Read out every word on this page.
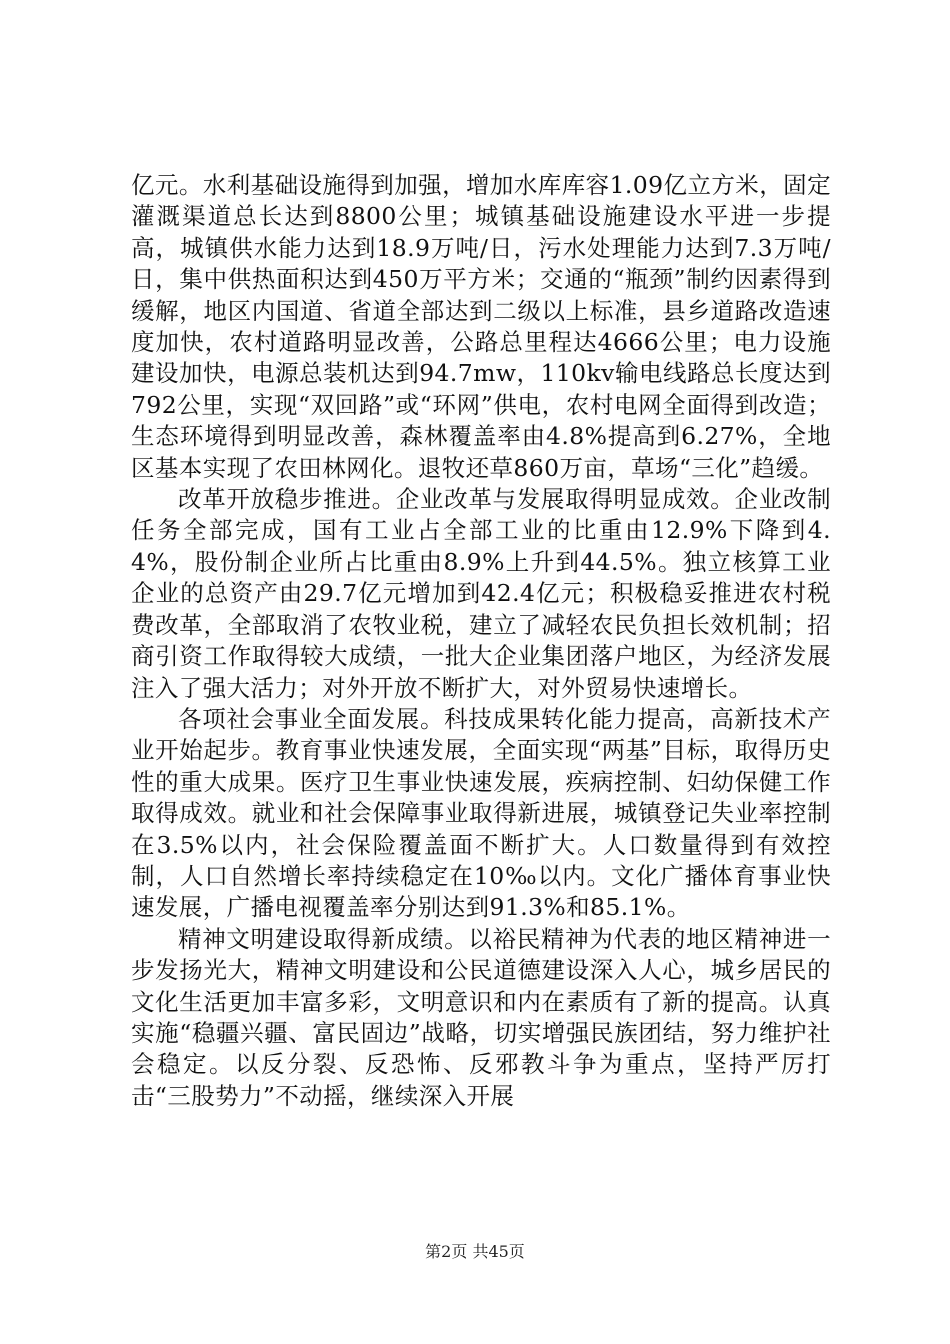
亿元。水利基础设施得到加强，增加水库库容1.09亿立方米，固定灌溉渠道总长达到8800公里；城镇基础设施建设水平进一步提高，城镇供水能力达到18.9万吨/日，污水处理能力达到7.3万吨/日，集中供热面积达到450万平方米；交通的“瓶颈”制约因素得到缓解，地区内国道、省道全部达到二级以上标准，县乡道路改造速度加快，农村道路明显改善，公路总里程达4666公里；电力设施建设加快，电源总装机达到94.7mw，110kv输电线路总长度达到792公里，实现“双回路”或“环网”供电，农村电网全面得到改造；生态环境得到明显改善，森林覆盖率由4.8%提高到6.27%，全地区基本实现了农田林网化。退牧还草860万亩，草场“三化”趋缓。

改革开放稳步推进。企业改革与发展取得明显成效。企业改制任务全部完成，国有工业占全部工业的比重由12.9%下降到4.4%，股份制企业所占比重由8.9%上升到44.5%。独立核算工业企业的总资产由29.7亿元增加到42.4亿元；积极稳妥推进农村税费改革，全部取消了农牧业税，建立了减轻农民负担长效机制；招商引资工作取得较大成绩，一批大企业集团落户地区，为经济发展注入了强大活力；对外开放不断扩大，对外贸易快速增长。

各项社会事业全面发展。科技成果转化能力提高，高新技术产业开始起步。教育事业快速发展，全面实现“两基”目标，取得历史性的重大成果。医疗卫生事业快速发展，疾病控制、妇幼保健工作取得成效。就业和社会保障事业取得新进展，城镇登记失业率控制在3.5%以内，社会保险覆盖面不断扩大。人口数量得到有效控制，人口自然增长率持续稳定在10‰以内。文化广播体育事业快速发展，广播电视覆盖率分别达到91.3%和85.1%。

精神文明建设取得新成绩。以裕民精神为代表的地区精神进一步发扬光大，精神文明建设和公民道德建设深入人心，城乡居民的文化生活更加丰富多彩，文明意识和内在素质有了新的提高。认真实施“稳疆兴疆、富民固边”战略，切实增强民族团结，努力维护社会稳定。以反分裂、反恐怖、反邪教斗争为重点，坚持严厉打击“三股势力”不动摇，继续深入开展

第2页 共45页
